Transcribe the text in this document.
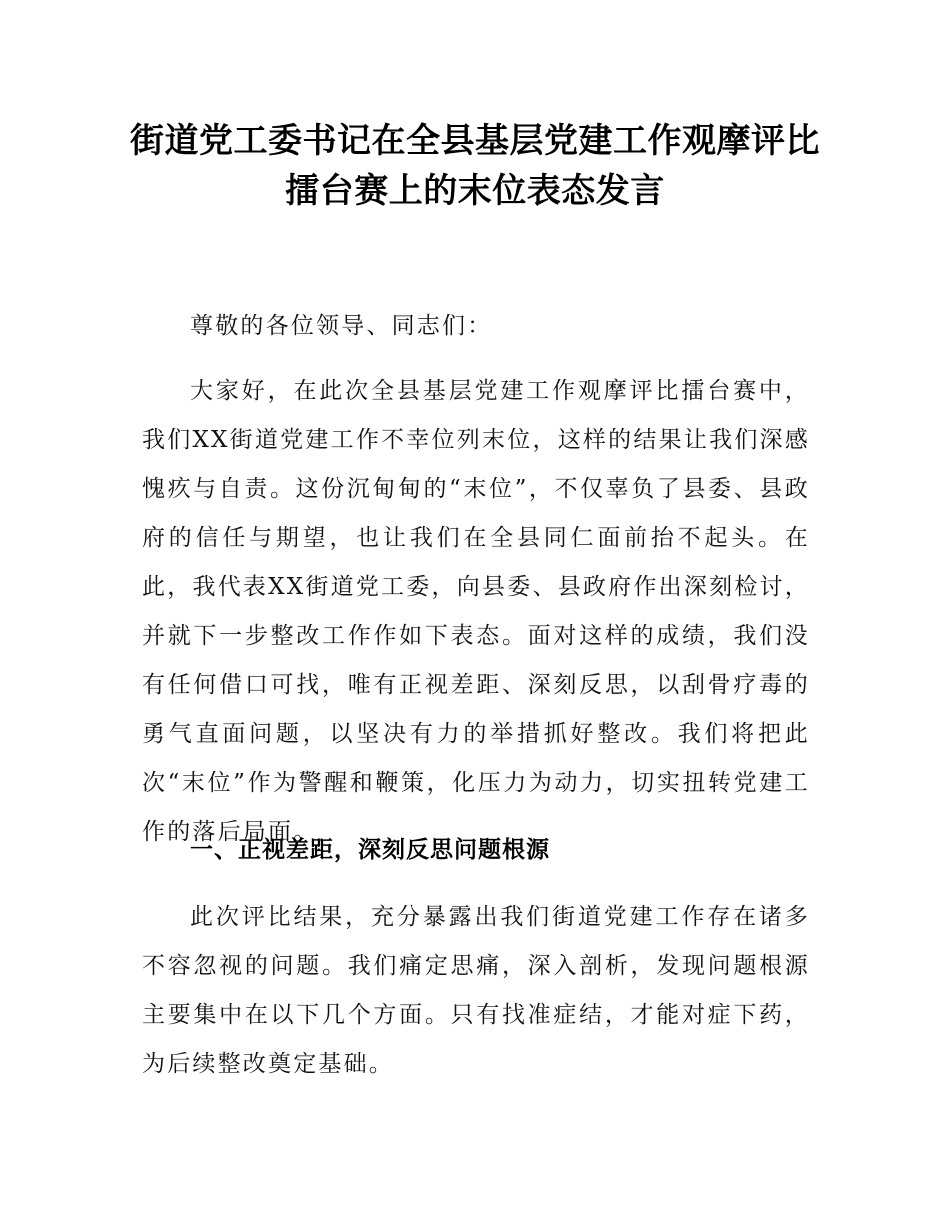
街道党工委书记在全县基层党建工作观摩评比擂台赛上的末位表态发言
尊敬的各位领导、同志们：
大家好，在此次全县基层党建工作观摩评比擂台赛中，我们XX街道党建工作不幸位列末位，这样的结果让我们深感愧疚与自责。这份沉甸甸的“末位”，不仅辜负了县委、县政府的信任与期望，也让我们在全县同仁面前抬不起头。在此，我代表XX街道党工委，向县委、县政府作出深刻检讨，并就下一步整改工作作如下表态。面对这样的成绩，我们没有任何借口可找，唯有正视差距、深刻反思，以刮骨疗毒的勇气直面问题，以坚决有力的举措抓好整改。我们将把此次“末位”作为警醒和鞭策，化压力为动力，切实扭转党建工作的落后局面。
一、正视差距，深刻反思问题根源
此次评比结果，充分暴露出我们街道党建工作存在诸多不容忽视的问题。我们痛定思痛，深入剖析，发现问题根源主要集中在以下几个方面。只有找准症结，才能对症下药，为后续整改奠定基础。
